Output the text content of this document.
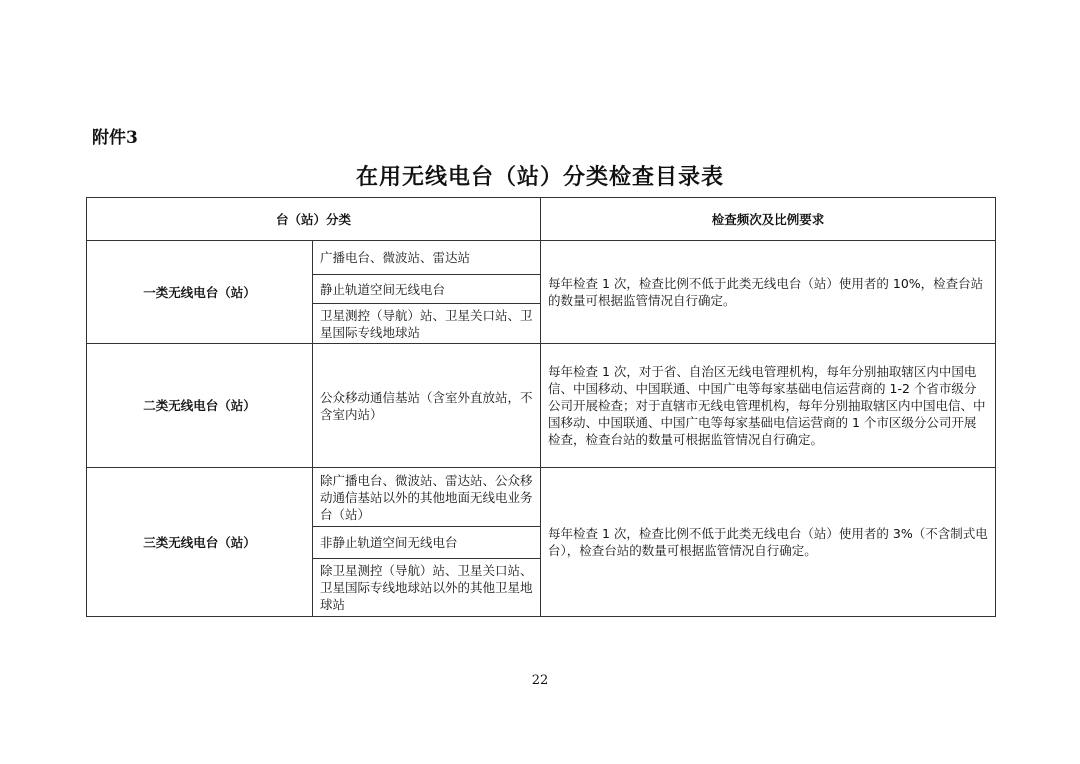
附件3
在用无线电台（站）分类检查目录表
台（站）分类		检查频次及比例要求
一类无线电台（站）	广播电台、微波站、雷达站	每年检查 1 次，检查比例不低于此类无线电台（站）使用者的 10%，检查台站的数量可根据监管情况自行确定。
	静止轨道空间无线电台	
	卫星测控（导航）站、卫星关口站、卫星国际专线地球站	
二类无线电台（站）	公众移动通信基站（含室外直放站，不含室内站）	每年检查 1 次，对于省、自治区无线电管理机构，每年分别抽取辖区内中国电信、中国移动、中国联通、中国广电等每家基础电信运营商的 1-2 个省市级分公司开展检查；对于直辖市无线电管理机构，每年分别抽取辖区内中国电信、中国移动、中国联通、中国广电等每家基础电信运营商的 1 个市区级分公司开展检查，检查台站的数量可根据监管情况自行确定。
三类无线电台（站）	除广播电台、微波站、雷达站、公众移动通信基站以外的其他地面无线电业务台（站）	每年检查 1 次，检查比例不低于此类无线电台（站）使用者的 3%（不含制式电台），检查台站的数量可根据监管情况自行确定。
	非静止轨道空间无线电台	
	除卫星测控（导航）站、卫星关口站、卫星国际专线地球站以外的其他卫星地球站	
22
